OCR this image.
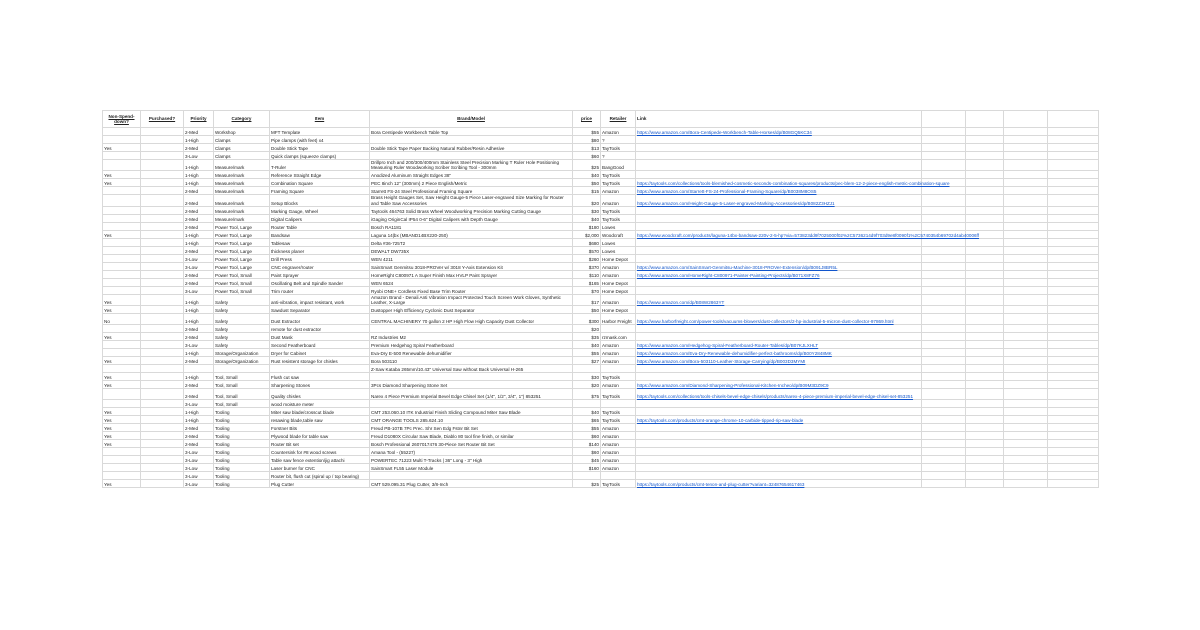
Non-Spend-down?	Purchased?	Priority	Category	Item	Brand/Model	price	Retailer	Link				
		2-Med	Workshop	MFT Template	Bora Centipede Workbench Table Top	$55	Amazon	https://www.amazon.com/Bora-Centipede-Workbench-Table-Horses/dp/B08GQ5KC34				
		1-High	Clamps	Pipe clamps (with feet) x4		$80	?					
Yes		2-Med	Clamps	Double Stick Tape	Double Stick Tape Paper Backing Natural Rubber/Resin Adhesive	$13	TayTools					
		3-Low	Clamps	Quick clamps (squeeze clamps)		$60	?					
		1-High	Measure/mark	T-Ruler	Drillpro Inch and 200/300/400mm Stainless Steel Precision Marking T Ruler Hole Positioning Measuring Ruler Woodworking Scriber Scribing Tool - 300mm	$25	BangGood					
Yes		1-High	Measure/mark	Reference Straight Edge	Anodized Aluminum Straight Edges 38"	$40	TayTools					
Yes		1-High	Measure/mark	Combination Square	PEC 8inch 12" (300mm) 2 Piece English/Metric	$50	TayTools	https://taytools.com/collections/tools-blemished-cosmetic-seconds-combination-squares/products/pec-blem-12-2-piece-english-metric-combination-square				
		2-Med	Measure/mark	Framing Square	Starrett FS-24 Steel Professional Framing Square	$15	Amazon	https://www.amazon.com/Starrett-FS-24-Professional-Framing-Square/dp/B0038M8OS5				
		2-Med	Measure/mark	Setup Blocks	Brass Height Gauges Set, Saw Height Gauge-5 Piece Laser-engraved Size Marking for Router and Table Saw Accessories	$20	Amazon	https://www.amazon.com/Height-Gauge-5-Laser-engraved-Marking-Accessories/dp/B082Z3HZJ1				
		2-Med	Measure/mark	Marking Gauge, Wheel	Taytools 464763 Solid Brass Wheel Woodworking Precision Marking Cutting Gauge	$30	TayTools					
		2-Med	Measure/mark	Digital Calipers	iGaging OriginCal IP54 0-6" Digital Calipers with Depth Gauge	$40	TayTools					
		2-Med	Power Tool, Large	Router Table	Bosch RA1181	$180	Lowes					
Yes		1-High	Power Tool, Large	Bandsaw	Laguna 14|bx (MBAND14BX220-250)	$2,000	Woodcraft	https://www.woodcraft.com/products/laguna-14bx-bandsaw-220v-2-5-hp?via=573823dd9f7025000f02%2C5736214d9f703d9e8f0090f1%2C5740354b69702d4ab40006ff				
		1-High	Power Tool, Large	Tablesaw	Delta #36-725T2	$680	Lowes					
		2-Med	Power Tool, Large	thickness planer	DEWALT DW735X	$570	Lowes					
		3-Low	Power Tool, Large	Drill Press	WEN 4211	$260	Home Depot					
		3-Low	Power Tool, Large	CNC engraver/router	SainSmart Genmitsu 3018-PROVer w/ 3018 Y-Axis Extension Kit	$370	Amazon	https://www.amazon.com/SainSmart-Genmitsu-Machine-3018-PROVer-Extension/dp/B091J8BR5L				
		2-Med	Power Tool, Small	Paint Sprayer	HomeRight C800971 A Super Finish Max HVLP Paint Sprayer	$110	Amazon	https://www.amazon.com/HomeRight-C800971-Painter-Painting-Projects/dp/B071X8FZ76				
		2-Med	Power Tool, Small	Oscillating Belt and Spindle Sander	WEN 6524	$165	Home Depot					
		3-Low	Power Tool, Small	Trim router	Ryobi ONE+ Cordless Fixed Base Trim Router	$70	Home Depot					
Yes		1-High	Safety	anti-vibration, impact resistant, work	Amazon Brand - Denali Anti Vibration Impact Protected Touch Screen Work Gloves, Synthetic Leather, X-Large	$17	Amazon	https://www.amazon.com/dp/B08W2863YT				
Yes		1-High	Safety	Sawdust Separator	Dustopper High Efficiency Cyclonic Dust Separator	$50	Home Depot					
No		1-High	Safety	Dust Extractor	CENTRAL MACHINERY 70 gallon 2 HP High Flow High Capacity Dust Collector	$300	Harbor Freight	https://www.harborfreight.com/power-tools/vacuums-blowers/dust-collectors/2-hp-industrial-5-micron-dust-collector-97869.html				
		2-Med	Safety	remote for dust extractor		$20						
Yes		2-Med	Safety	Dust Mask	RZ Industries M2	$35	rzmask.com					
		3-Low	Safety	Second Featherboard	Premium Hedgehog Spiral Featherboard	$40	Amazon	https://www.amazon.com/Hedgehog-Spiral-Featherboard-Router-Tables/dp/B07KJLXHLT				
		1-High	Storage/Organization	Dryer for Cabinet	Eva-Dry E-500 Renewable dehumidifier	$55	Amazon	https://www.amazon.com/Eva-Dry-Renewable-dehumidifier-perfect-bathrooms/dp/B00Y2848MK				
Yes		2-Med	Storage/Organization	Rust resistent storage for chisles	Bora 503110	$27	Amazon	https://www.amazon.com/Bora-503110-Leather-Storage-Carrying/dp/B003D3MYMI				
					Z-Saw Kataba 265mm/10.43" Universal Saw without Back Universal H-265							
Yes		1-High	Tool, Small	Flush cut saw		$30	TayTools					
Yes		2-Med	Tool, Small	Sharpening Stones	3Pcs Diamond Sharpening Stone Set	$20	Amazon	https://www.amazon.com/Diamond-Sharpening-Professional-Kitchen-Incheo/dp/B09M3DZ9C9				
		2-Med	Tool, Small	Quality chisles	Narex 4 Piece Premium Imperial Bevel Edge Chisel Set (1/4", 1/2", 3/4", 1") 853251	$75	TayTools	https://taytools.com/collections/tools-chisels-bevel-edge-chisels/products/narex-4-piece-premium-imperial-bevel-edge-chisel-set-853251				
		3-Low	Tool, Small	wood moisture meter								
Yes		1-High	Tooling	Miter saw blade/crosscut blade	CMT 253.060.10 ITK Industrial Finish Sliding Compound Miter Saw Blade	$40	TayTools					
Yes		1-High	Tooling	resawing blade,table saw	CMT ORANGE TOOLS 285.624.10	$65	TayTools	https://taytools.com/products/cmt-orange-chrome-10-carbide-tipped-rip-saw-blade				
Yes		2-Med	Tooling	Forstner Bits	Freud PB-107B 7Pc Prec. Shr Sen Edg Fstnr Bit Set	$55	Amazon					
Yes		2-Med	Tooling	Plywood blade for table saw	Freud D1080X Circular Saw Blade, Diablo 80 tool fine finish, or similar	$60	Amazon					
Yes		2-Med	Tooling	Router Bit set	Bosch Professional 2607017476 30-Piece Set Router Bit Set	$140	Amazon					
		3-Low	Tooling	Countersink for #8 wood screws	Amana Tool - (55227)	$60	Amazon					
		3-Low	Tooling	Table saw fence extention/jig attachi	POWERTEC 71223 Multi T-Tracks | 36" Long - 3" High	$45	Amazon					
		3-Low	Tooling	Laser burner for CNC	SainSmart FL55 Laser Module	$160	Amazon					
		3-Low	Tooling	Router bit, flush cut (spiral up / top bearing)								
Yes		3-Low	Tooling	Plug Cutter	CMT 529.095.31 Plug Cutter, 3/8-Inch	$25	TayTools	https://taytools.com/products/cmt-tenon-and-plug-cutter?variant=32487654617463				
